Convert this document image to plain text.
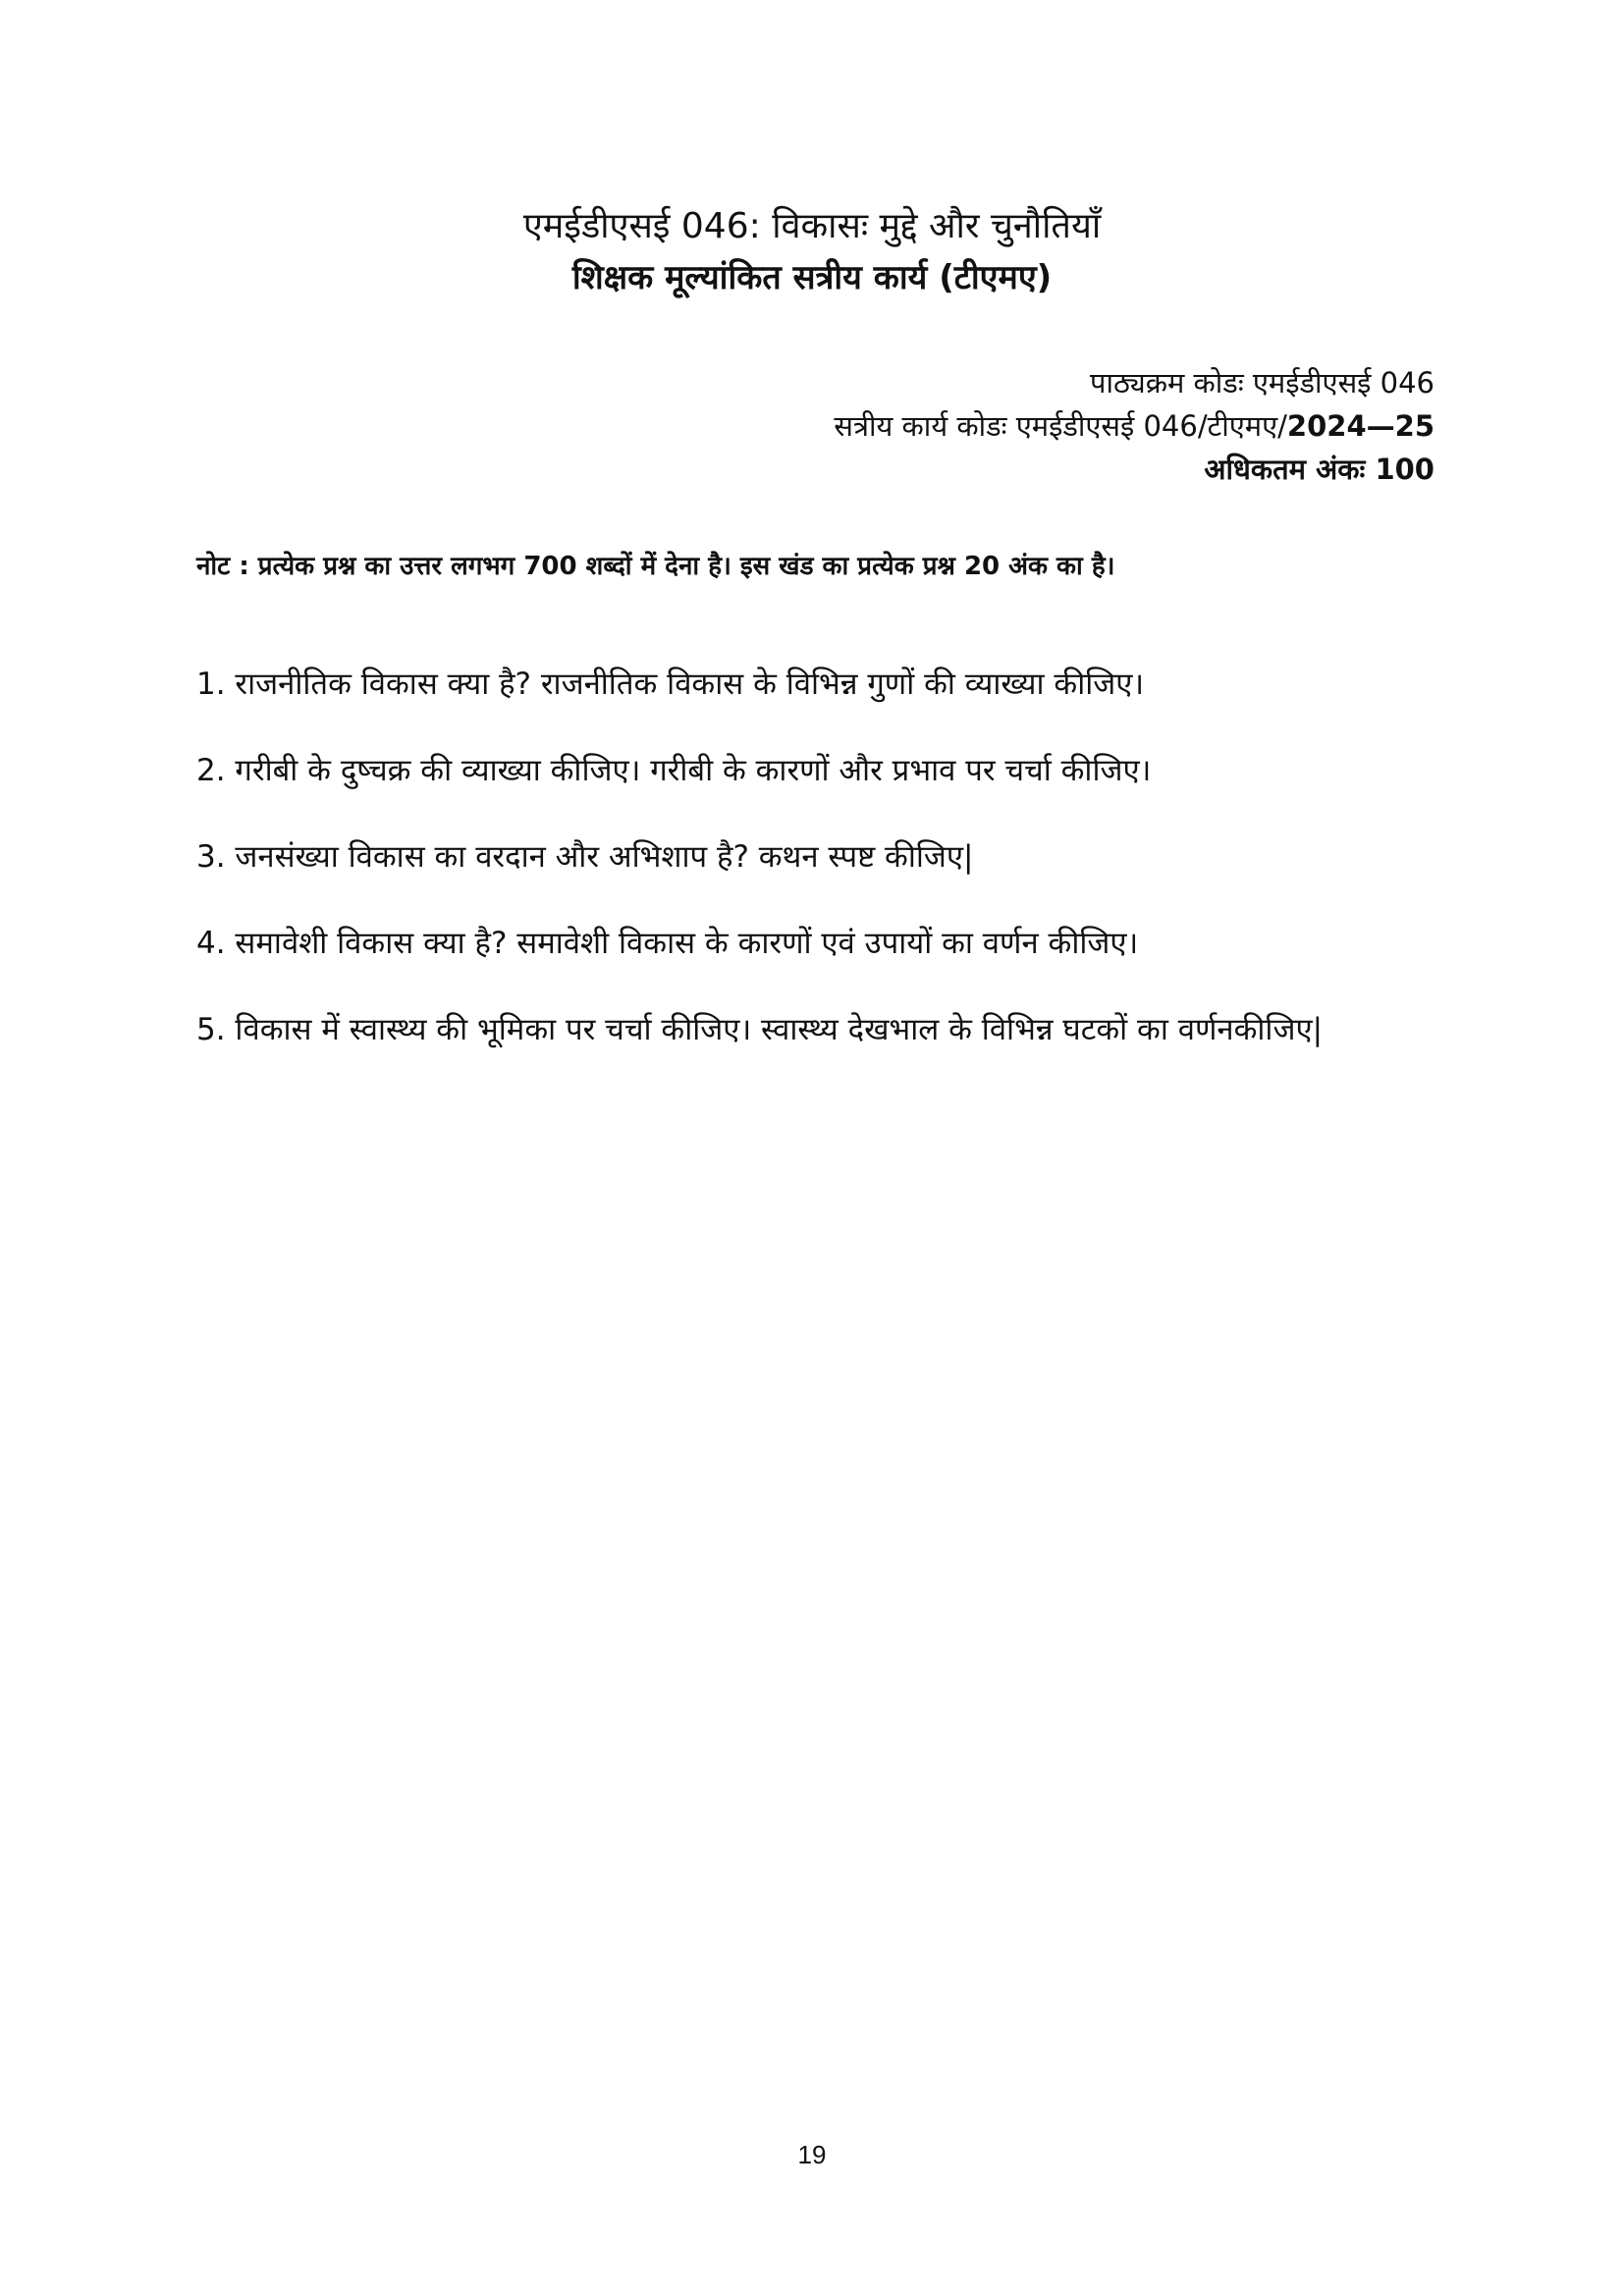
एमईडीएसई 046: विकासः मुद्दे और चुनौतियाँ
शिक्षक मूल्यांकित सत्रीय कार्य (टीएमए)
पाठ्यक्रम कोडः एमईडीएसई 046
सत्रीय कार्य कोडः एमईडीएसई 046/टीएमए/2024—25
अधिकतम अंकः 100
नोट : प्रत्येक प्रश्न का उत्तर लगभग 700 शब्दों में देना है। इस खंड का प्रत्येक प्रश्न 20 अंक का है।
1. राजनीतिक विकास क्या है? राजनीतिक विकास के विभिन्न गुणों की व्याख्या कीजिए।
2. गरीबी के दुष्चक्र की व्याख्या कीजिए। गरीबी के कारणों और प्रभाव पर चर्चा कीजिए।
3. जनसंख्या विकास का वरदान और अभिशाप है? कथन स्पष्ट कीजिए|
4. समावेशी विकास क्या है? समावेशी विकास के कारणों एवं उपायों का वर्णन कीजिए।
5. विकास में स्वास्थ्य की भूमिका पर चर्चा कीजिए। स्वास्थ्य देखभाल के विभिन्न घटकों का वर्णनकीजिए|
19
